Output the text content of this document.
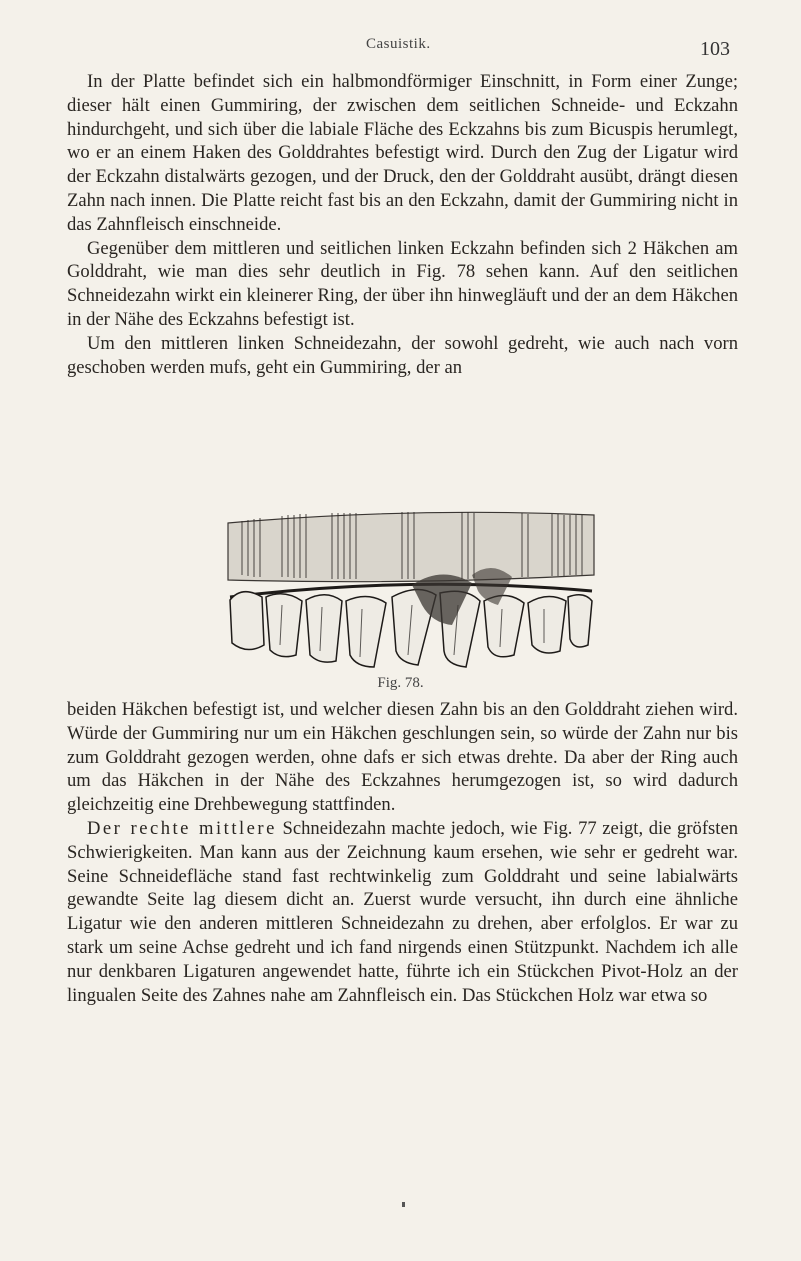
Casuistik.	103

In der Platte befindet sich ein halbmondförmiger Einschnitt, in Form einer Zunge; dieser hält einen Gummiring, der zwischen dem seitlichen Schneide- und Eckzahn hindurchgeht, und sich über die labiale Fläche des Eckzahns bis zum Bicuspis herumlegt, wo er an einem Haken des Golddrahtes befestigt wird. Durch den Zug der Ligatur wird der Eckzahn distalwärts gezogen, und der Druck, den der Golddraht ausübt, drängt diesen Zahn nach innen. Die Platte reicht fast bis an den Eckzahn, damit der Gummiring nicht in das Zahnfleisch einschneide.

Gegenüber dem mittleren und seitlichen linken Eckzahn befinden sich 2 Häkchen am Golddraht, wie man dies sehr deutlich in Fig. 78 sehen kann. Auf den seitlichen Schneidezahn wirkt ein kleinerer Ring, der über ihn hinwegläuft und der an dem Häkchen in der Nähe des Eckzahns befestigt ist.

Um den mittleren linken Schneidezahn, der sowohl gedreht, wie auch nach vorn geschoben werden mufs, geht ein Gummiring, der an

Fig. 78.

beiden Häkchen befestigt ist, und welcher diesen Zahn bis an den Golddraht ziehen wird. Würde der Gummiring nur um ein Häkchen geschlungen sein, so würde der Zahn nur bis zum Golddraht gezogen werden, ohne dafs er sich etwas drehte. Da aber der Ring auch um das Häkchen in der Nähe des Eckzahnes herumgezogen ist, so wird dadurch gleichzeitig eine Drehbewegung stattfinden.

Der rechte mittlere Schneidezahn machte jedoch, wie Fig. 77 zeigt, die gröfsten Schwierigkeiten. Man kann aus der Zeichnung kaum ersehen, wie sehr er gedreht war. Seine Schneidefläche stand fast rechtwinkelig zum Golddraht und seine labialwärts gewandte Seite lag diesem dicht an. Zuerst wurde versucht, ihn durch eine ähnliche Ligatur wie den anderen mittleren Schneidezahn zu drehen, aber erfolglos. Er war zu stark um seine Achse gedreht und ich fand nirgends einen Stützpunkt. Nachdem ich alle nur denkbaren Ligaturen angewendet hatte, führte ich ein Stückchen Pivot-Holz an der lingualen Seite des Zahnes nahe am Zahnfleisch ein. Das Stückchen Holz war etwa so
